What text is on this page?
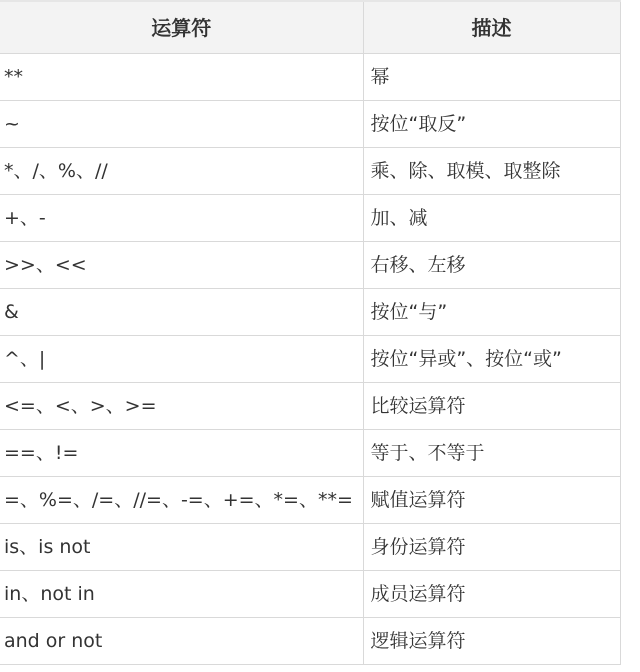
运算符	描述
**	幂
~	按位“取反”
*、/、%、//	乘、除、取模、取整除
+、-	加、减
>>、<<	右移、左移
&	按位“与”
^、|	按位“异或”、按位“或”
<=、<、>、>=	比较运算符
==、!=	等于、不等于
=、%=、/=、//=、-=、+=、*=、**=	赋值运算符
is、is not	身份运算符
in、not in	成员运算符
and or not	逻辑运算符
